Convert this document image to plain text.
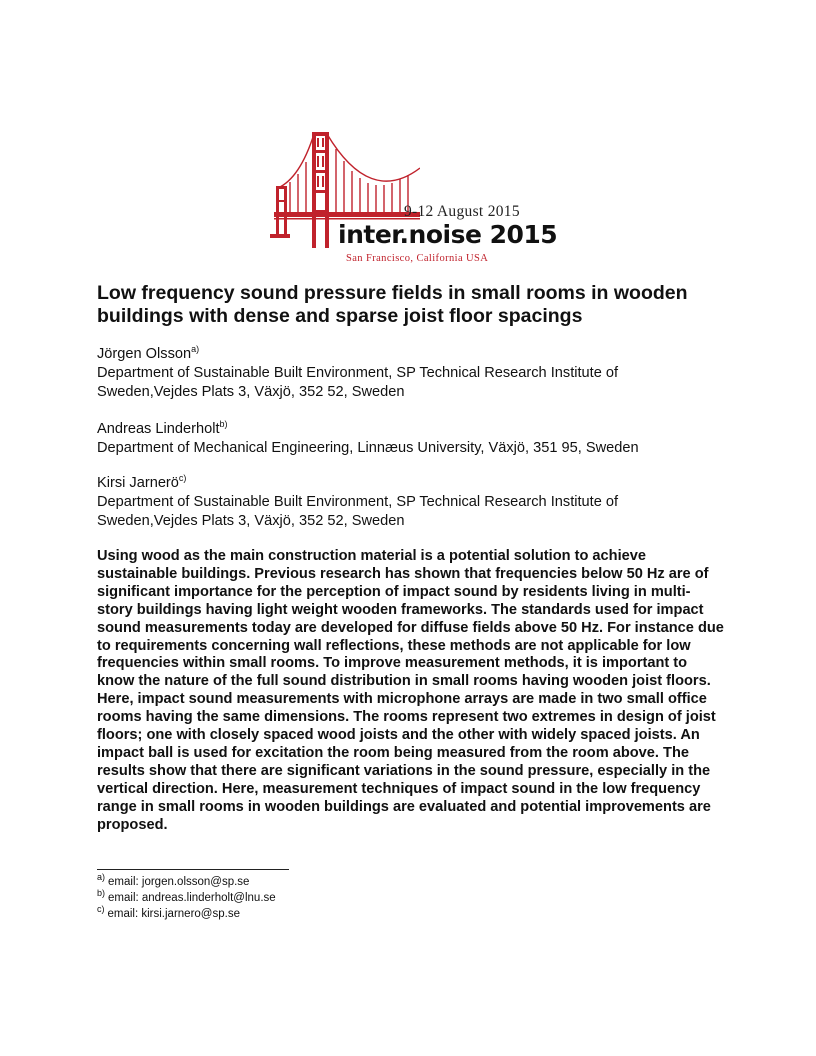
9-12 August 2015
inter.noise 2015
San Francisco, California USA
Low frequency sound pressure fields in small rooms in wooden buildings with dense and sparse joist floor spacings
Jörgen Olsson$^{a)}$
Department of Sustainable Built Environment, SP Technical Research Institute of
Sweden,Vejdes Plats 3, Växjö, 352 52, Sweden
Andreas Linderholt$^{b)}$
Department of Mechanical Engineering, Linnæus University, Växjö, 351 95, Sweden
Kirsi Jarnerö$^{c)}$
Department of Sustainable Built Environment, SP Technical Research Institute of
Sweden,Vejdes Plats 3, Växjö, 352 52, Sweden

Using wood as the main construction material is a potential solution to achieve sustainable buildings. Previous research has shown that frequencies below 50 Hz are of significant importance for the perception of impact sound by residents living in multi-story buildings having light weight wooden frameworks. The standards used for impact sound measurements today are developed for diffuse fields above 50 Hz. For instance due to requirements concerning wall reflections, these methods are not applicable for low frequencies within small rooms. To improve measurement methods, it is important to know the nature of the full sound distribution in small rooms having wooden joist floors. Here, impact sound measurements with microphone arrays are made in two small office rooms having the same dimensions. The rooms represent two extremes in design of joist floors; one with closely spaced wood joists and the other with widely spaced joists. An impact ball is used for excitation the room being measured from the room above. The results show that there are significant variations in the sound pressure, especially in the vertical direction. Here, measurement techniques of impact sound in the low frequency range in small rooms in wooden buildings are evaluated and potential improvements are proposed.

$^{a)}$ email: jorgen.olsson@sp.se
$^{b)}$ email: andreas.linderholt@lnu.se
$^{c)}$ email: kirsi.jarnero@sp.se
